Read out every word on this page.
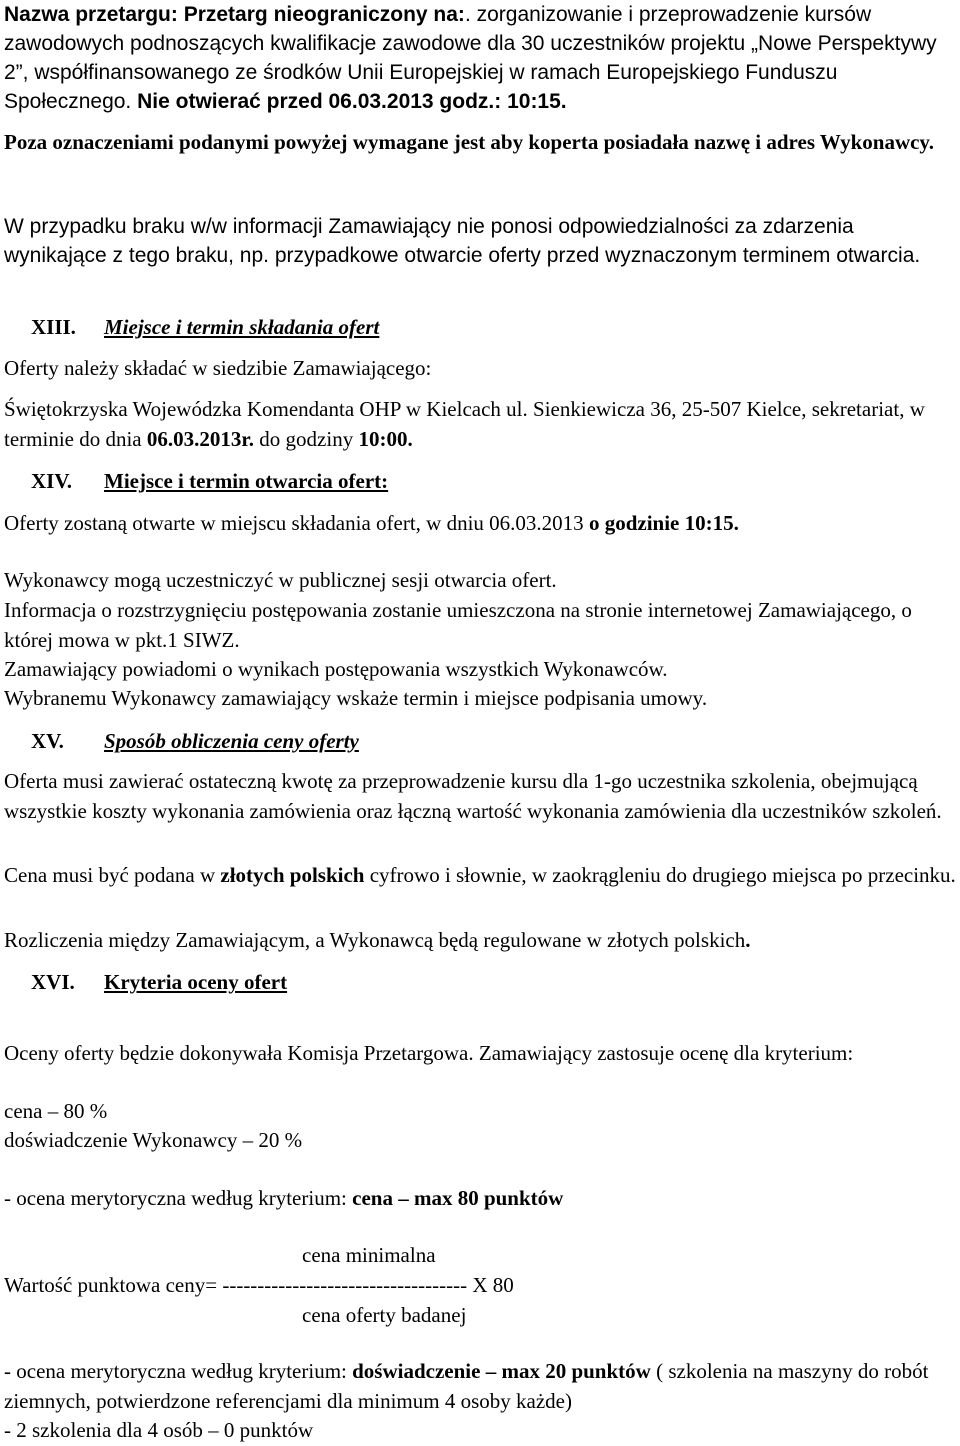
Nazwa przetargu: Przetarg nieograniczony na:. zorganizowanie i przeprowadzenie kursów zawodowych podnoszących kwalifikacje zawodowe dla 30 uczestników projektu „Nowe Perspektywy 2”, współfinansowanego ze środków Unii Europejskiej w ramach Europejskiego Funduszu Społecznego. Nie otwierać przed 06.03.2013 godz.: 10:15.

Poza oznaczeniami podanymi powyżej wymagane jest aby koperta posiadała nazwę i adres Wykonawcy.

W przypadku braku w/w informacji Zamawiający nie ponosi odpowiedzialności za zdarzenia wynikające z tego braku, np. przypadkowe otwarcie oferty przed wyznaczonym terminem otwarcia.

XIII.	Miejsce i termin składania ofert

Oferty należy składać w siedzibie Zamawiającego:

Świętokrzyska Wojewódzka Komendanta OHP w Kielcach ul. Sienkiewicza 36, 25-507 Kielce, sekretariat, w terminie do dnia 06.03.2013r. do godziny 10:00.

XIV.	Miejsce i termin otwarcia ofert:

Oferty zostaną otwarte w miejscu składania ofert, w dniu 06.03.2013 o godzinie 10:15.

Wykonawcy mogą uczestniczyć w publicznej sesji otwarcia ofert.

Informacja o rozstrzygnięciu postępowania zostanie umieszczona na stronie internetowej Zamawiającego, o której mowa w pkt.1 SIWZ.

Zamawiający powiadomi o wynikach postępowania wszystkich Wykonawców.

Wybranemu Wykonawcy zamawiający wskaże termin i miejsce podpisania umowy.

XV.	Sposób obliczenia ceny oferty

Oferta musi zawierać ostateczną kwotę za przeprowadzenie kursu dla 1-go uczestnika szkolenia, obejmującą wszystkie koszty wykonania zamówienia oraz łączną wartość wykonania zamówienia dla uczestników szkoleń.

Cena musi być podana w złotych polskich cyfrowo i słownie, w zaokrągleniu do drugiego miejsca po przecinku.

Rozliczenia między Zamawiającym, a Wykonawcą będą regulowane w złotych polskich.

XVI.	Kryteria oceny ofert

Oceny oferty będzie dokonywała Komisja Przetargowa. Zamawiający zastosuje ocenę dla kryterium:

cena – 80 %

doświadczenie Wykonawcy – 20 %

- ocena merytoryczna według kryterium: cena – max 80 punktów

cena minimalna
Wartość punktowa ceny= ----------------------------------- X 80
cena oferty badanej

- ocena merytoryczna według kryterium: doświadczenie – max 20 punktów ( szkolenia na maszyny do robót ziemnych, potwierdzone referencjami dla minimum 4 osoby każde)

- 2 szkolenia dla 4 osób – 0 punktów
